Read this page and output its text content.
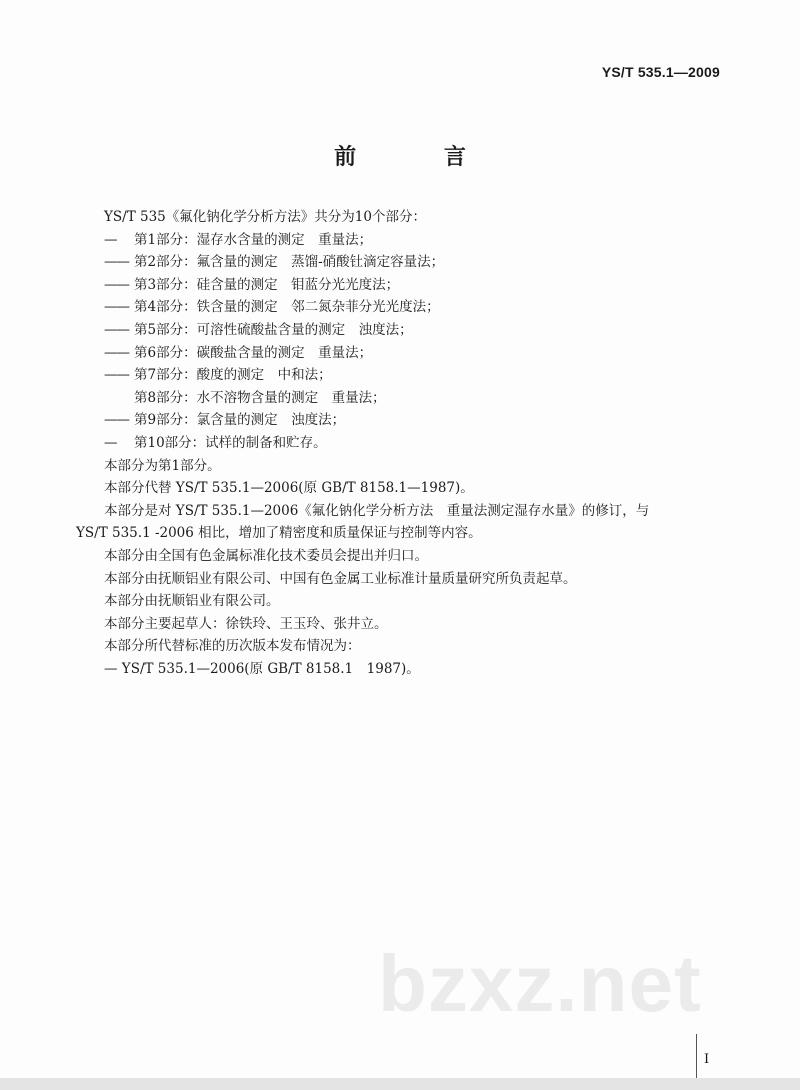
YS/T 535.1—2009
前 言
YS/T 535《氟化钠化学分析方法》共分为10个部分：
— 第1部分：湿存水含量的测定　重量法；
—— 第2部分：氟含量的测定　蒸馏-硝酸钍滴定容量法；
—— 第3部分：硅含量的测定　钼蓝分光光度法；
—— 第4部分：铁含量的测定　邻二氮杂菲分光光度法；
—— 第5部分：可溶性硫酸盐含量的测定　浊度法；
—— 第6部分：碳酸盐含量的测定　重量法；
—— 第7部分：酸度的测定　中和法；
第8部分：水不溶物含量的测定　重量法；
—— 第9部分：氯含量的测定　浊度法；
— 第10部分：试样的制备和贮存。
本部分为第1部分。
本部分代替 YS/T 535.1—2006(原 GB/T 8158.1—1987)。
本部分是对 YS/T 535.1—2006《氟化钠化学分析方法　重量法测定湿存水量》的修订，与
YS/T 535.1 -2006 相比，增加了精密度和质量保证与控制等内容。
本部分由全国有色金属标准化技术委员会提出并归口。
本部分由抚顺铝业有限公司、中国有色金属工业标准计量质量研究所负责起草。
本部分由抚顺铝业有限公司。
本部分主要起草人：徐铁玲、王玉玲、张井立。
本部分所代替标准的历次版本发布情况为：
— YS/T 535.1—2006(原 GB/T 8158.1　1987)。
bzxz.net
I
